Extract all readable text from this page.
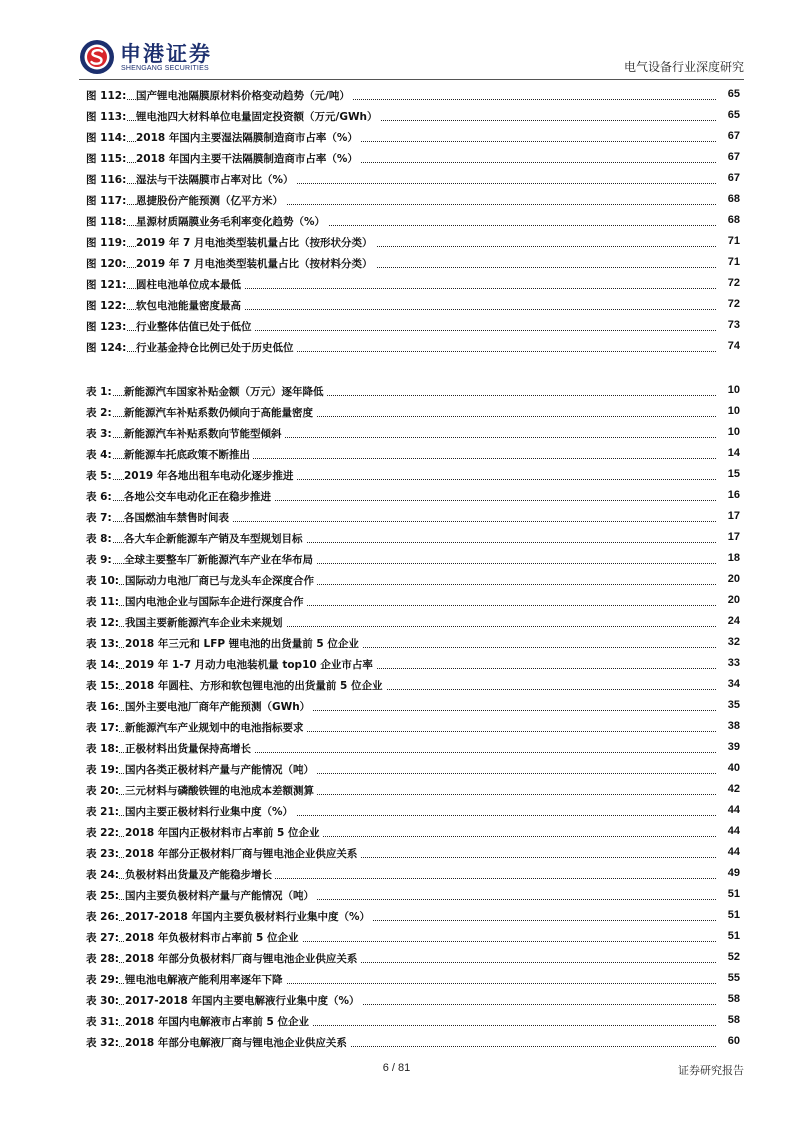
申港证券
SHENGANG SECURITIES	电气设备行业深度研究
图 112: 国产锂电池隔膜原材料价格变动趋势（元/吨）	65
图 113: 锂电池四大材料单位电量固定投资额（万元/GWh）	65
图 114: 2018 年国内主要湿法隔膜制造商市占率（%）	67
图 115: 2018 年国内主要干法隔膜制造商市占率（%）	67
图 116: 湿法与干法隔膜市占率对比（%）	67
图 117: 恩捷股份产能预测（亿平方米）	68
图 118: 星源材质隔膜业务毛利率变化趋势（%）	68
图 119: 2019 年 7 月电池类型装机量占比（按形状分类）	71
图 120: 2019 年 7 月电池类型装机量占比（按材料分类）	71
图 121: 圆柱电池单位成本最低	72
图 122: 软包电池能量密度最高	72
图 123: 行业整体估值已处于低位	73
图 124: 行业基金持仓比例已处于历史低位	74
表 1: 新能源汽车国家补贴金额（万元）逐年降低	10
表 2: 新能源汽车补贴系数仍倾向于高能量密度	10
表 3: 新能源汽车补贴系数向节能型倾斜	10
表 4: 新能源车托底政策不断推出	14
表 5: 2019 年各地出租车电动化逐步推进	15
表 6: 各地公交车电动化正在稳步推进	16
表 7: 各国燃油车禁售时间表	17
表 8: 各大车企新能源车产销及车型规划目标	17
表 9: 全球主要整车厂新能源汽车产业在华布局	18
表 10: 国际动力电池厂商已与龙头车企深度合作	20
表 11: 国内电池企业与国际车企进行深度合作	20
表 12: 我国主要新能源汽车企业未来规划	24
表 13: 2018 年三元和 LFP 锂电池的出货量前 5 位企业	32
表 14: 2019 年 1-7 月动力电池装机量 top10 企业市占率	33
表 15: 2018 年圆柱、方形和软包锂电池的出货量前 5 位企业	34
表 16: 国外主要电池厂商年产能预测（GWh）	35
表 17: 新能源汽车产业规划中的电池指标要求	38
表 18: 正极材料出货量保持高增长	39
表 19: 国内各类正极材料产量与产能情况（吨）	40
表 20: 三元材料与磷酸铁锂的电池成本差额测算	42
表 21: 国内主要正极材料行业集中度（%）	44
表 22: 2018 年国内正极材料市占率前 5 位企业	44
表 23: 2018 年部分正极材料厂商与锂电池企业供应关系	44
表 24: 负极材料出货量及产能稳步增长	49
表 25: 国内主要负极材料产量与产能情况（吨）	51
表 26: 2017-2018 年国内主要负极材料行业集中度（%）	51
表 27: 2018 年负极材料市占率前 5 位企业	51
表 28: 2018 年部分负极材料厂商与锂电池企业供应关系	52
表 29: 锂电池电解液产能利用率逐年下降	55
表 30: 2017-2018 年国内主要电解液行业集中度（%）	58
表 31: 2018 年国内电解液市占率前 5 位企业	58
表 32: 2018 年部分电解液厂商与锂电池企业供应关系	60
6 / 81	证券研究报告
